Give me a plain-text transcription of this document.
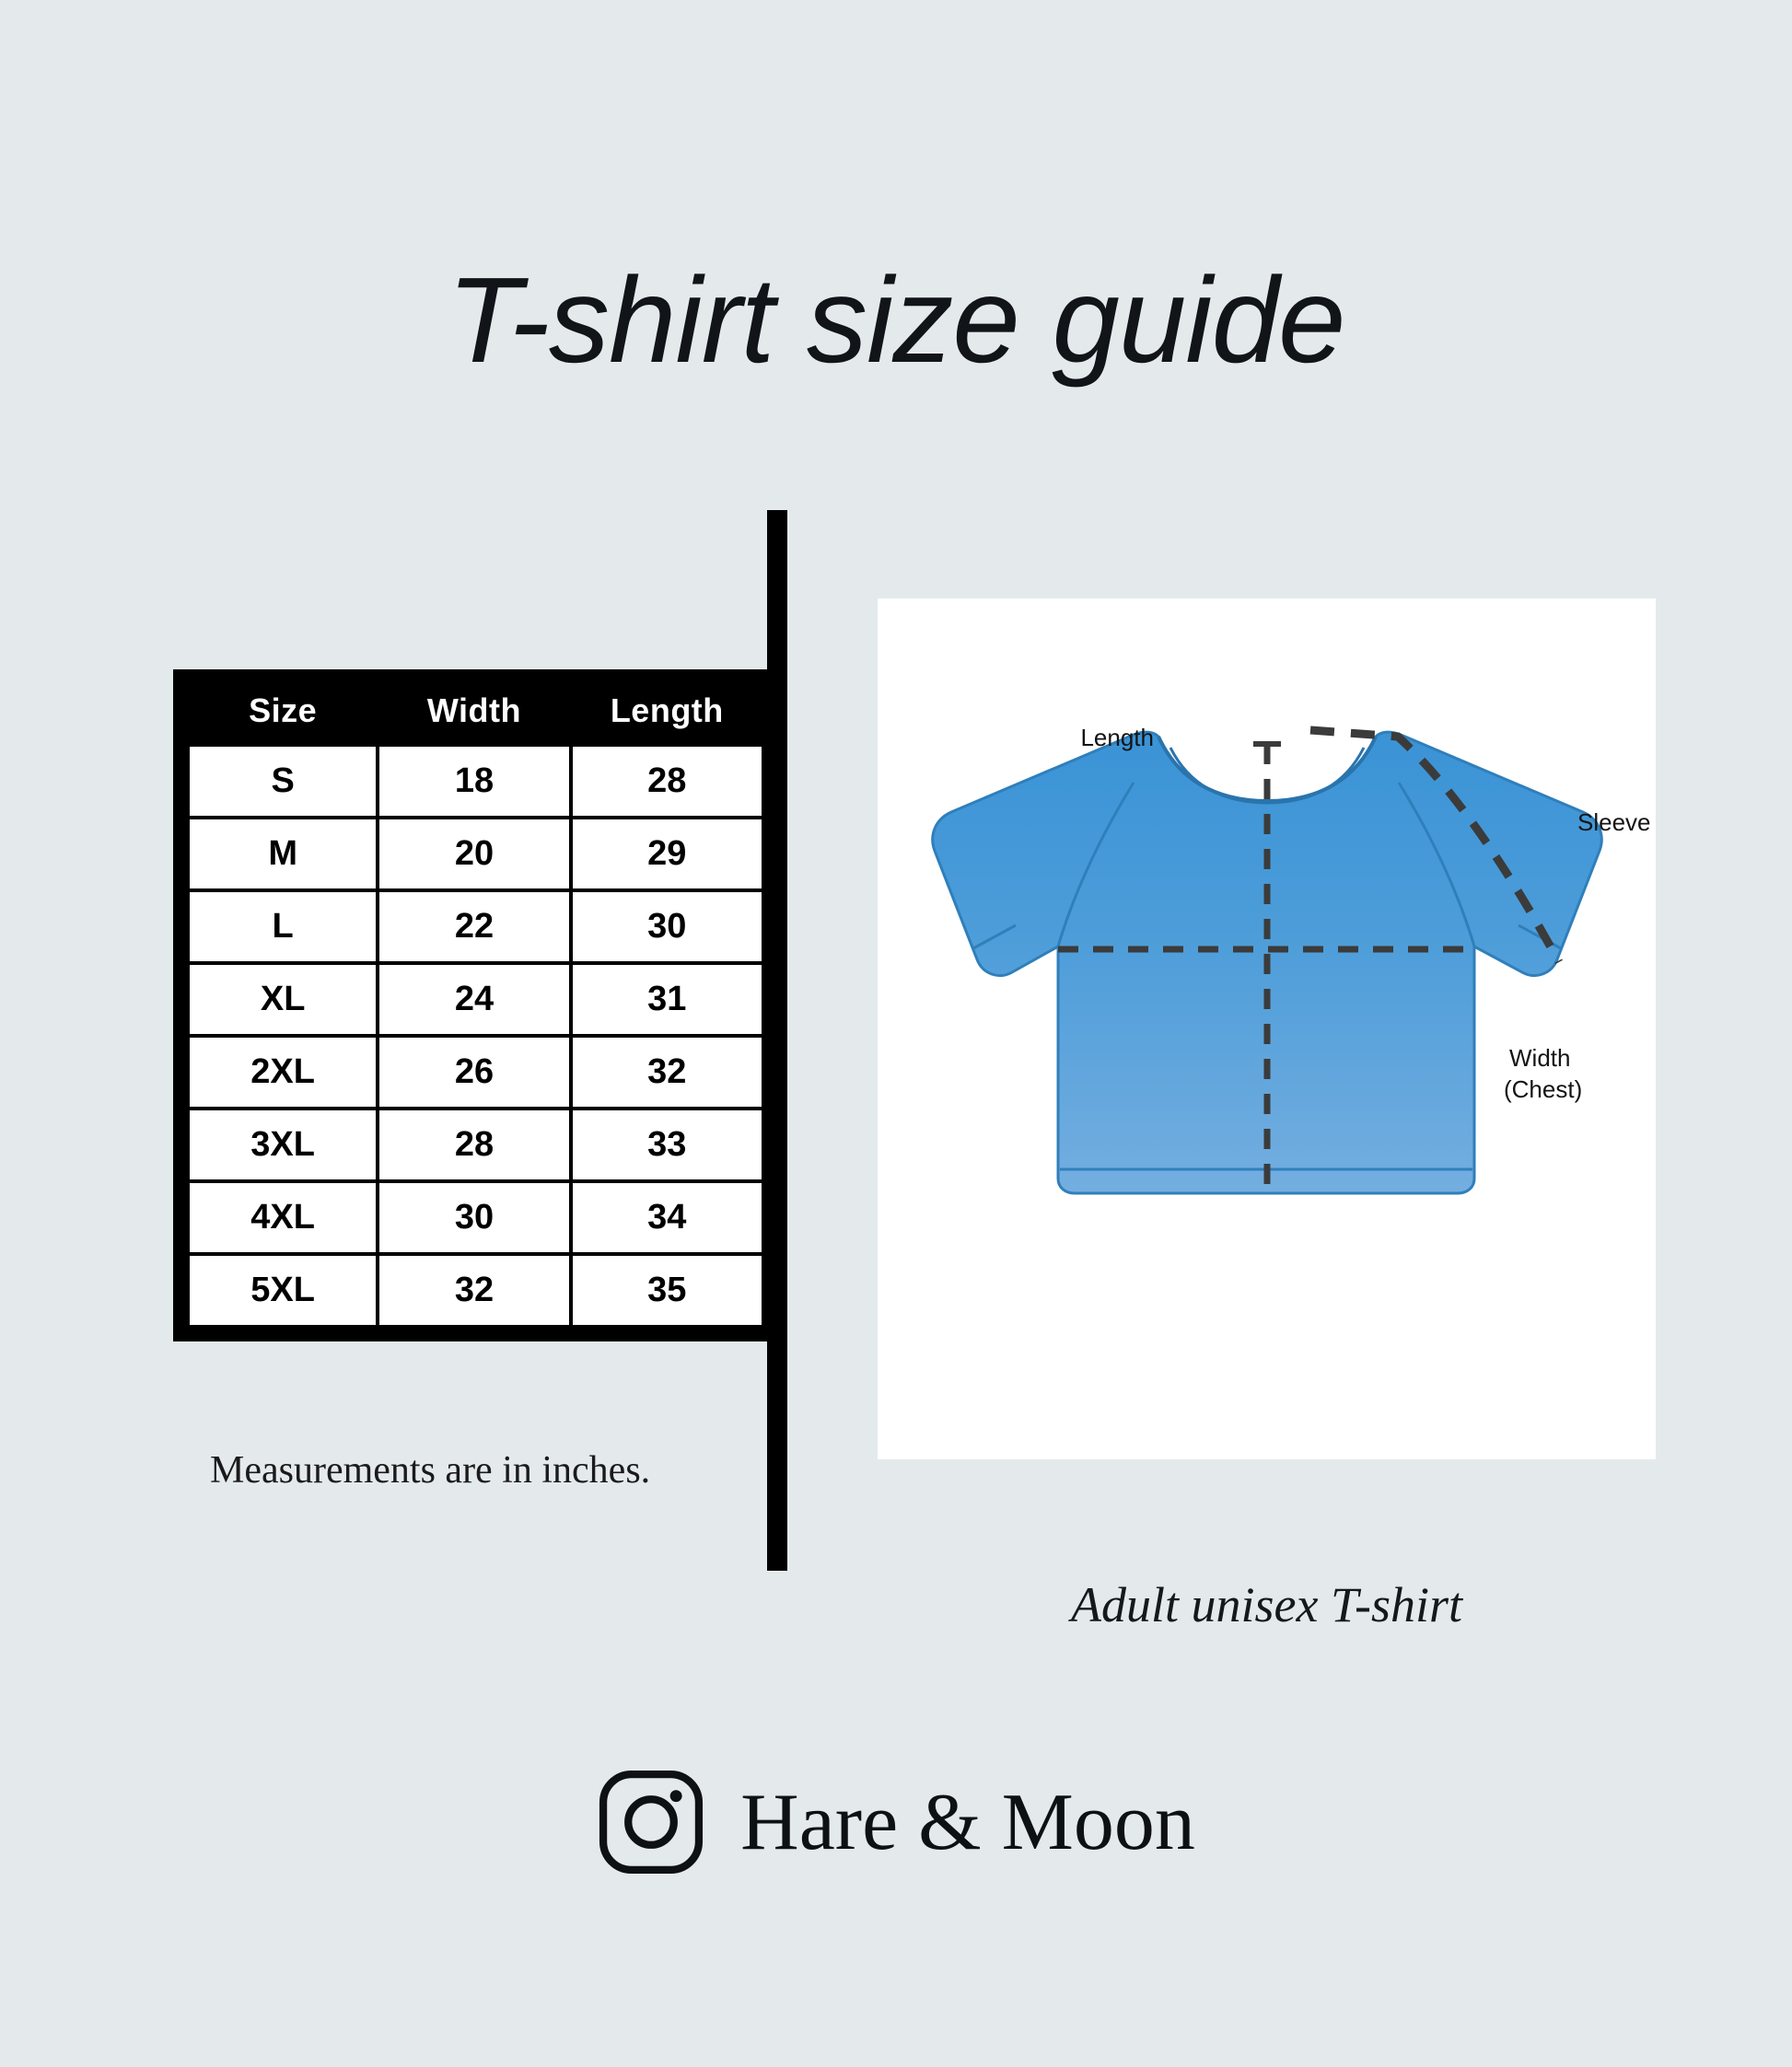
T-shirt size guide
Size	Width	Length
S	18	28
M	20	29
L	22	30
XL	24	31
2XL	26	32
3XL	28	33
4XL	30	34
5XL	32	35
Measurements are in inches.
Length
Sleeve
Width
(Chest)
Adult unisex T-shirt
Hare & Moon
